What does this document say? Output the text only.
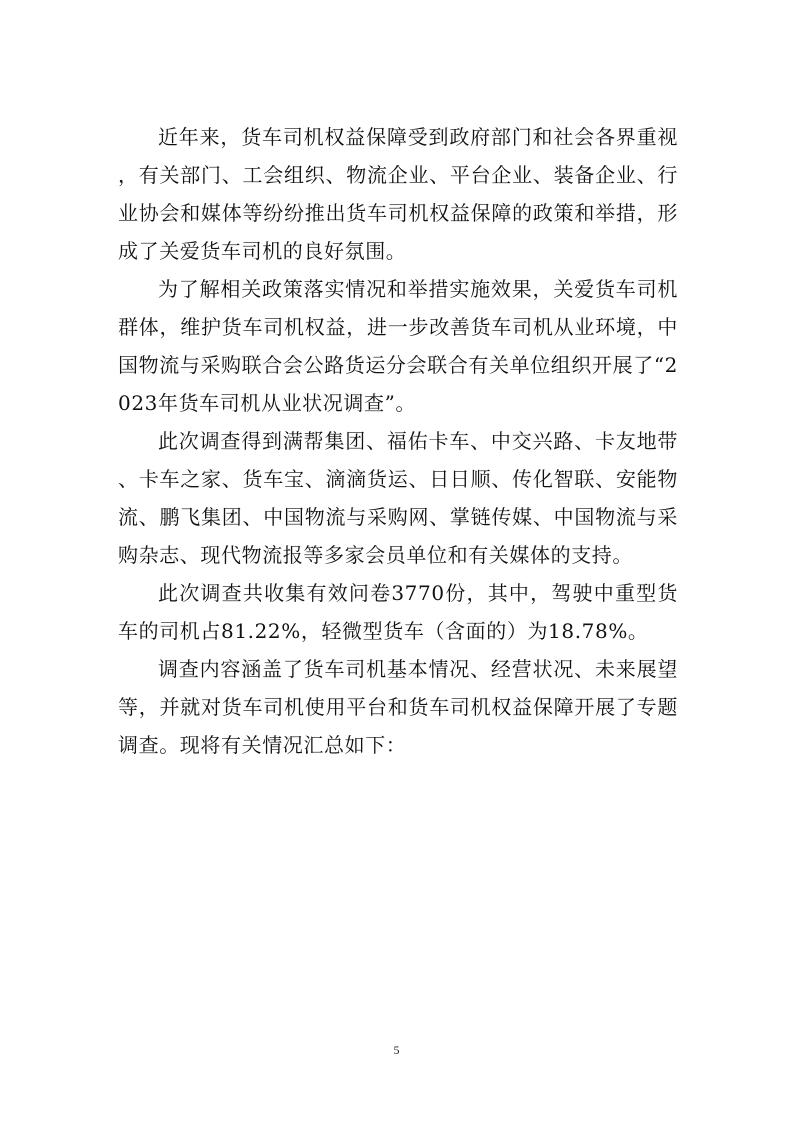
近年来，货车司机权益保障受到政府部门和社会各界重视，有关部门、工会组织、物流企业、平台企业、装备企业、行业协会和媒体等纷纷推出货车司机权益保障的政策和举措，形成了关爱货车司机的良好氛围。

为了解相关政策落实情况和举措实施效果，关爱货车司机群体，维护货车司机权益，进一步改善货车司机从业环境，中国物流与采购联合会公路货运分会联合有关单位组织开展了“2023年货车司机从业状况调查”。

此次调查得到满帮集团、福佑卡车、中交兴路、卡友地带、卡车之家、货车宝、滴滴货运、日日顺、传化智联、安能物流、鹏飞集团、中国物流与采购网、掌链传媒、中国物流与采购杂志、现代物流报等多家会员单位和有关媒体的支持。

此次调查共收集有效问卷3770份，其中，驾驶中重型货车的司机占81.22%，轻微型货车（含面的）为18.78%。

调查内容涵盖了货车司机基本情况、经营状况、未来展望等，并就对货车司机使用平台和货车司机权益保障开展了专题调查。现将有关情况汇总如下：

5
